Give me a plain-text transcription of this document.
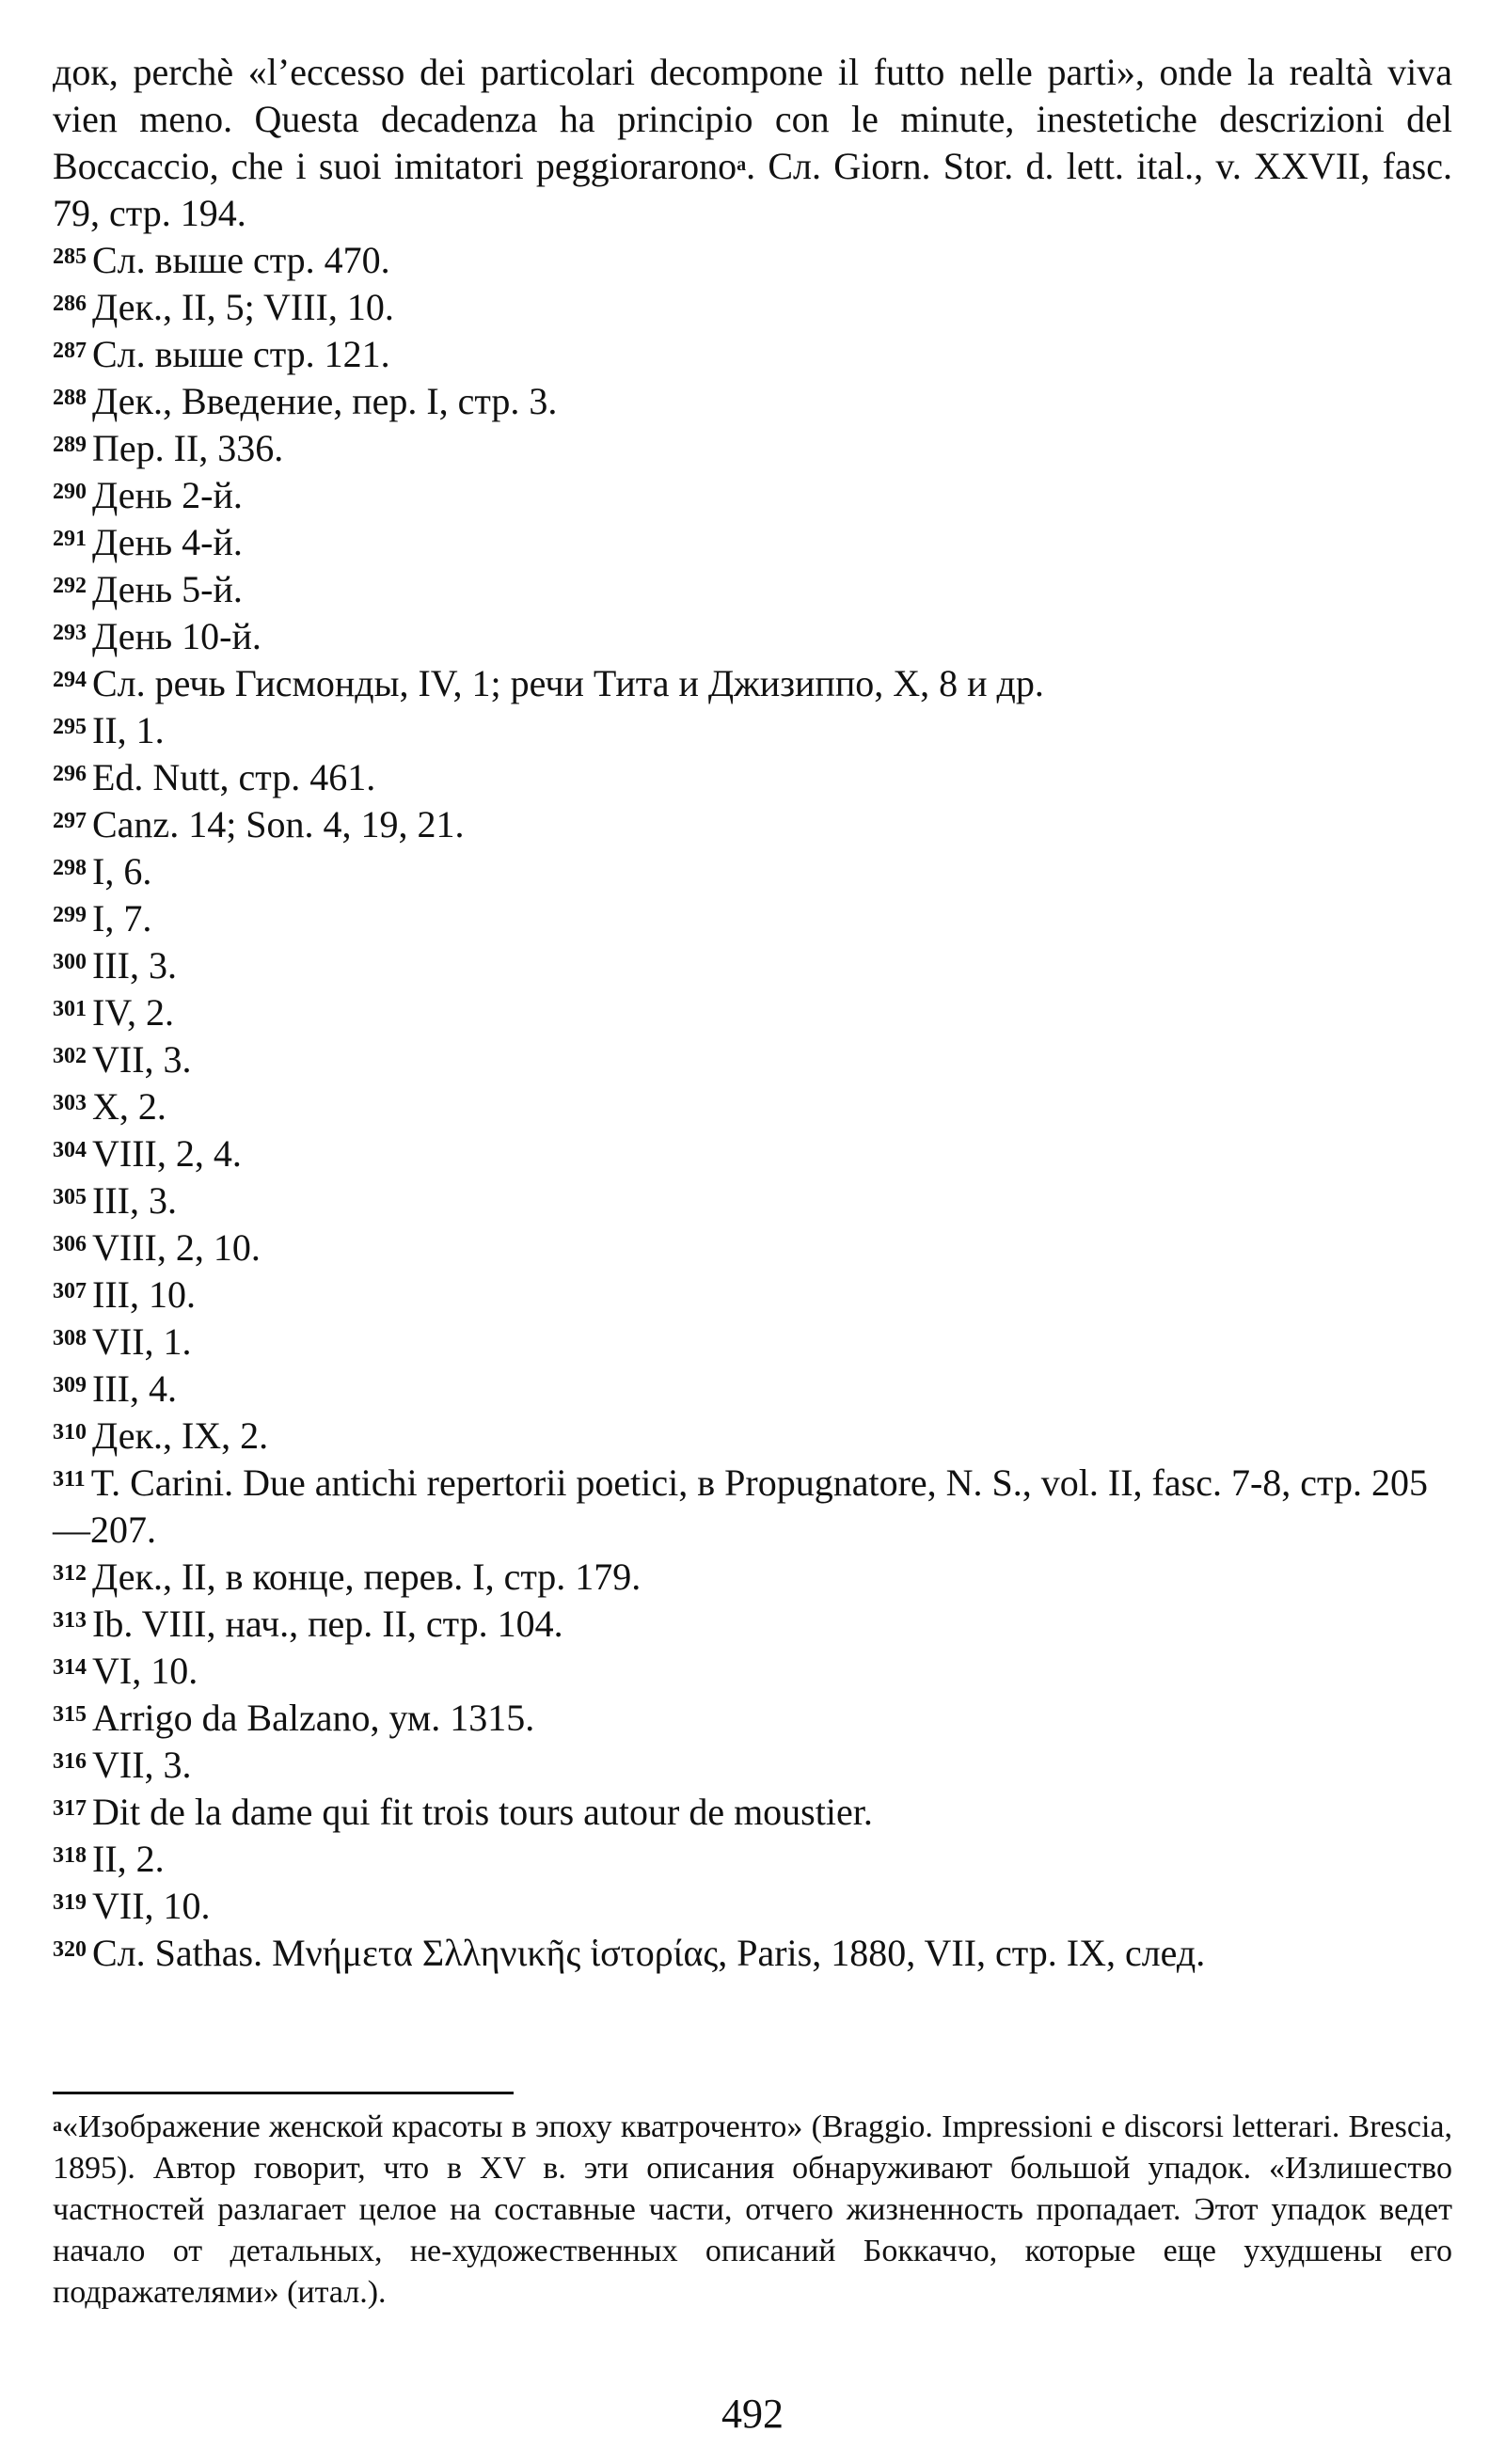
док, perchè «l’eccesso dei particolari decompone il futto nelle parti», onde la realtà viva vien meno. Questa decadenza ha principio con le minute, inestetiche descrizioni del Boccaccio, che i suoi imitatori peggiorarono$^а$. Сл. Giorn. Stor. d. lett. ital., v. XXVII, fasc. 79, стр. 194.

$^{285}$ Сл. выше стр. 470.
$^{286}$ Дек., II, 5; VIII, 10.
$^{287}$ Сл. выше стр. 121.
$^{288}$ Дек., Введение, пер. I, стр. 3.
$^{289}$ Пер. II, 336.
$^{290}$ День 2-й.
$^{291}$ День 4-й.
$^{292}$ День 5-й.
$^{293}$ День 10-й.
$^{294}$ Сл. речь Гисмонды, IV, 1; речи Тита и Джизиппо, X, 8 и др.
$^{295}$ II, 1.
$^{296}$ Ed. Nutt, стр. 461.
$^{297}$ Canz. 14; Son. 4, 19, 21.
$^{298}$ I, 6.
$^{299}$ I, 7.
$^{300}$ III, 3.
$^{301}$ IV, 2.
$^{302}$ VII, 3.
$^{303}$ X, 2.
$^{304}$ VIII, 2, 4.
$^{305}$ III, 3.
$^{306}$ VIII, 2, 10.
$^{307}$ III, 10.
$^{308}$ VII, 1.
$^{309}$ III, 4.
$^{310}$ Дек., IX, 2.
$^{311}$ T. Carini. Due antichi repertorii poetici, в Propugnatore, N. S., vol. II, fasc. 7-8, стр. 205—207.
$^{312}$ Дек., II, в конце, перев. I, стр. 179.
$^{313}$ Ib. VIII, нач., пер. II, стр. 104.
$^{314}$ VI, 10.
$^{315}$ Arrigo da Balzano, ум. 1315.
$^{316}$ VII, 3.
$^{317}$ Dit de la dame qui fit trois tours autour de moustier.
$^{318}$ II, 2.
$^{319}$ VII, 10.
$^{320}$ Сл. Sathas. Μνήμετα Σλληνικῆς ἱστορίας, Paris, 1880, VII, стр. IX, след.

$^а$«Изображение женской красоты в эпоху кватроченто» (Braggio. Impressioni e discorsi letterari. Brescia, 1895). Автор говорит, что в XV в. эти описания обнаруживают большой упадок. «Излишество частностей разлагает целое на составные части, отчего жизненность пропадает. Этот упадок ведет начало от детальных, не-художественных описаний Боккаччо, которые еще ухудшены его подражателями» (итал.).

492
